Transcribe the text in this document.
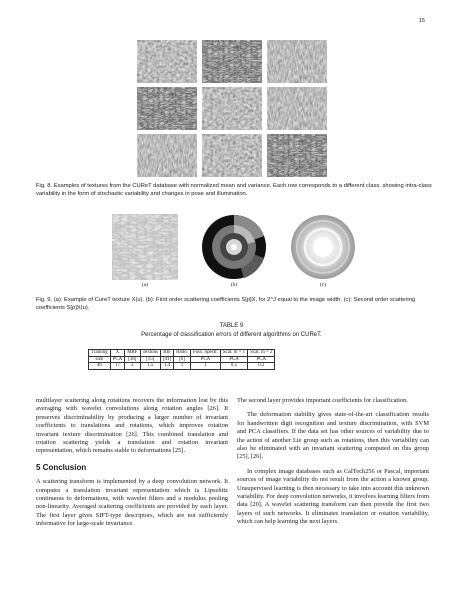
15
Fig. 8. Examples of textures from the CUReT database with normalized mean and variance. Each row corresponds to a different class, showing intra-class variability in the form of stochastic variability and changes in pose and illumination.
(a)	(b)	(c)
Fig. 9. (a): Example of CureT texture X(u). (b): First order scattering coefficients S[p]X, for 2^J equal to the image width. (c): Second order scattering coefficients S[p]X(u).
TABLE 9
Percentage of classification errors of different algorithms on CUReT.
Training	X	MRF	Textons	BIF	Histo.	Four. Spectr.	Scat. m = 1	Scat. m = 2
size	PCA	[36]	[15]	[41]	[6]	PCA	PCA	PCA
46	17	2	1.5	1.4	1	1	0.5	0.2

multilayer scattering along rotations recovers the information lost by this averaging with wavelet convolutions along rotation angles [26]. It preserves discriminability by producing a larger number of invariant coefficients to translations and rotations, which improves rotation invariant texture discrimination [26]. This combined translation and rotation scattering yields a translation and rotation invariant representation, which remains stable to deformations [25].

5 Conclusion

A scattering transform is implemented by a deep convolution network. It computes a translation invariant representation which is Lipschitz continuous to deformations, with wavelet filters and a modulus pooling non-linearity. Averaged scattering coefficients are provided by each layer. The first layer gives SIFT-type descriptors, which are not sufficiently informative for large-scale invariance.

The second layer provides important coefficients for classification.

The deformation stability gives state-of-the-art classification results for handwritten digit recognition and texture discrimination, with SVM and PCA classifiers. If the data set has other sources of variability due to the action of another Lie group such as rotations, then this variability can also be eliminated with an invariant scattering computed on this group [25], [26].

In complex image databases such as CalTech256 or Pascal, important sources of image variability do not result from the action a known group. Unsupervised learning is then necessary to take into account this unknown variability. For deep convolution networks, it involves learning filters from data [20]. A wavelet scattering transform can then provide the first two layers of such networks. It eliminates translation or rotation variability, which can help learning the next layers.
